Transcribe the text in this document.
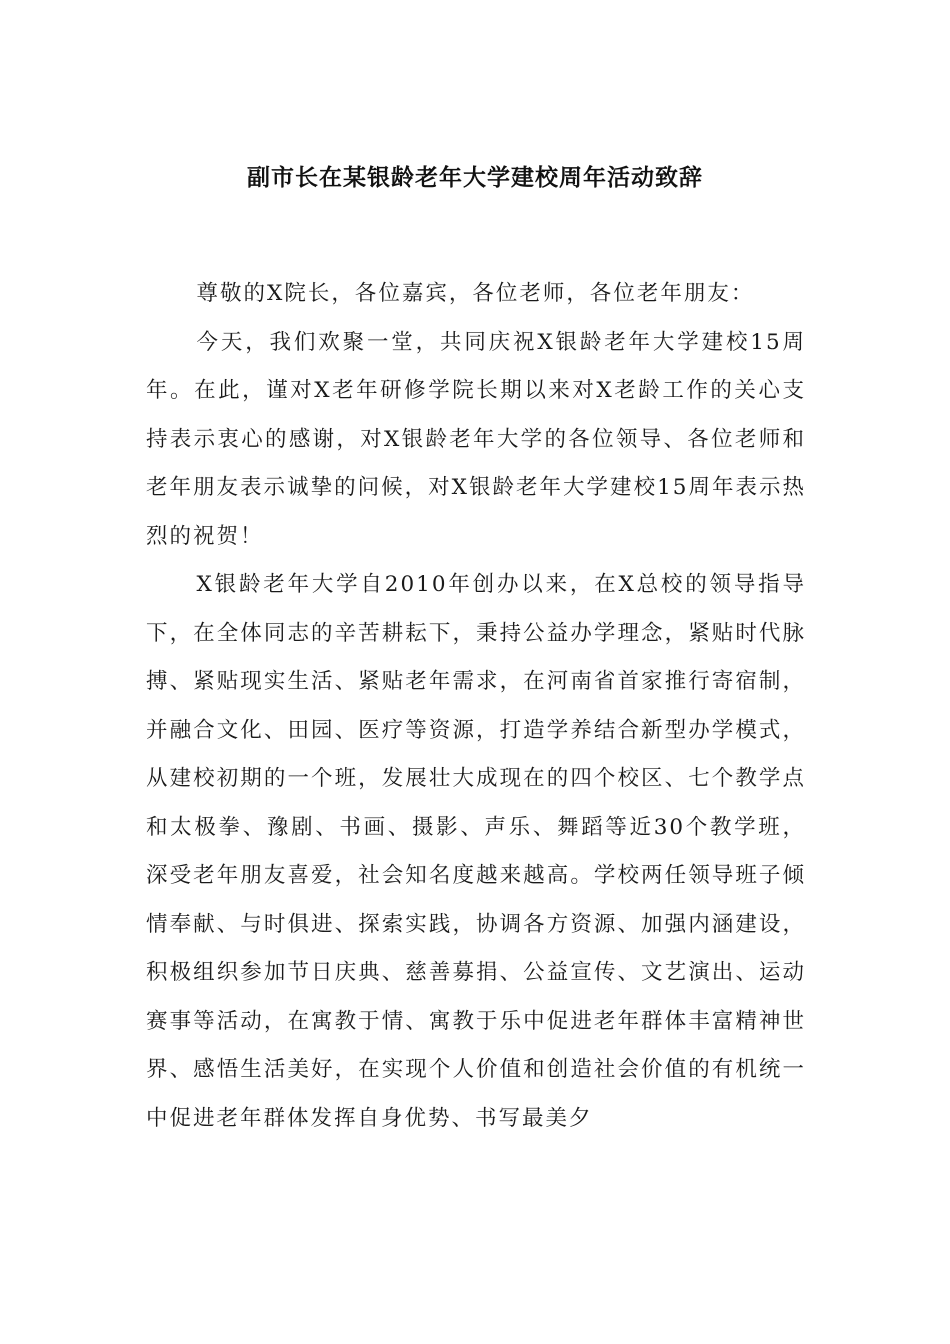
副市长在某银龄老年大学建校周年活动致辞

尊敬的X院长，各位嘉宾，各位老师，各位老年朋友：

今天，我们欢聚一堂，共同庆祝X银龄老年大学建校15周年。在此，谨对X老年研修学院长期以来对X老龄工作的关心支持表示衷心的感谢，对X银龄老年大学的各位领导、各位老师和老年朋友表示诚挚的问候，对X银龄老年大学建校15周年表示热烈的祝贺！

X银龄老年大学自2010年创办以来，在X总校的领导指导下，在全体同志的辛苦耕耘下，秉持公益办学理念，紧贴时代脉搏、紧贴现实生活、紧贴老年需求，在河南省首家推行寄宿制，并融合文化、田园、医疗等资源，打造学养结合新型办学模式，从建校初期的一个班，发展壮大成现在的四个校区、七个教学点和太极拳、豫剧、书画、摄影、声乐、舞蹈等近30个教学班，深受老年朋友喜爱，社会知名度越来越高。学校两任领导班子倾情奉献、与时俱进、探索实践，协调各方资源、加强内涵建设，积极组织参加节日庆典、慈善募捐、公益宣传、文艺演出、运动赛事等活动，在寓教于情、寓教于乐中促进老年群体丰富精神世界、感悟生活美好，在实现个人价值和创造社会价值的有机统一中促进老年群体发挥自身优势、书写最美夕
